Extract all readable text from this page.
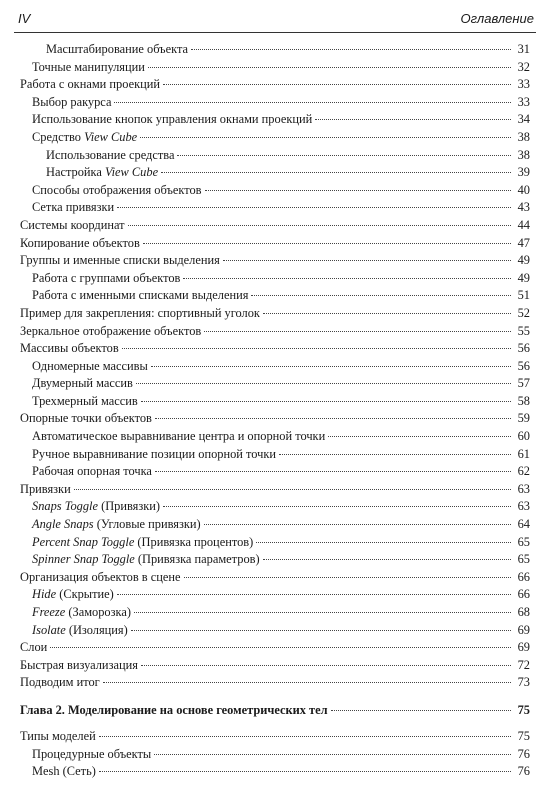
IV	Оглавление
Масштабирование объекта	31
Точные манипуляции	32
Работа с окнами проекций	33
Выбор ракурса	33
Использование кнопок управления окнами проекций	34
Средство View Cube	38
Использование средства	38
Настройка View Cube	39
Способы отображения объектов	40
Сетка привязки	43
Системы координат	44
Копирование объектов	47
Группы и именные списки выделения	49
Работа с группами объектов	49
Работа с именными списками выделения	51
Пример для закрепления: спортивный уголок	52
Зеркальное отображение объектов	55
Массивы объектов	56
Одномерные массивы	56
Двумерный массив	57
Трехмерный массив	58
Опорные точки объектов	59
Автоматическое выравнивание центра и опорной точки	60
Ручное выравнивание позиции опорной точки	61
Рабочая опорная точка	62
Привязки	63
Snaps Toggle (Привязки)	63
Angle Snaps (Угловые привязки)	64
Percent Snap Toggle (Привязка процентов)	65
Spinner Snap Toggle (Привязка параметров)	65
Организация объектов в сцене	66
Hide (Скрытие)	66
Freeze (Заморозка)	68
Isolate (Изоляция)	69
Слои	69
Быстрая визуализация	72
Подводим итог	73
Глава 2. Моделирование на основе геометрических тел	75
Типы моделей	75
Процедурные объекты	76
Mesh (Сеть)	76
